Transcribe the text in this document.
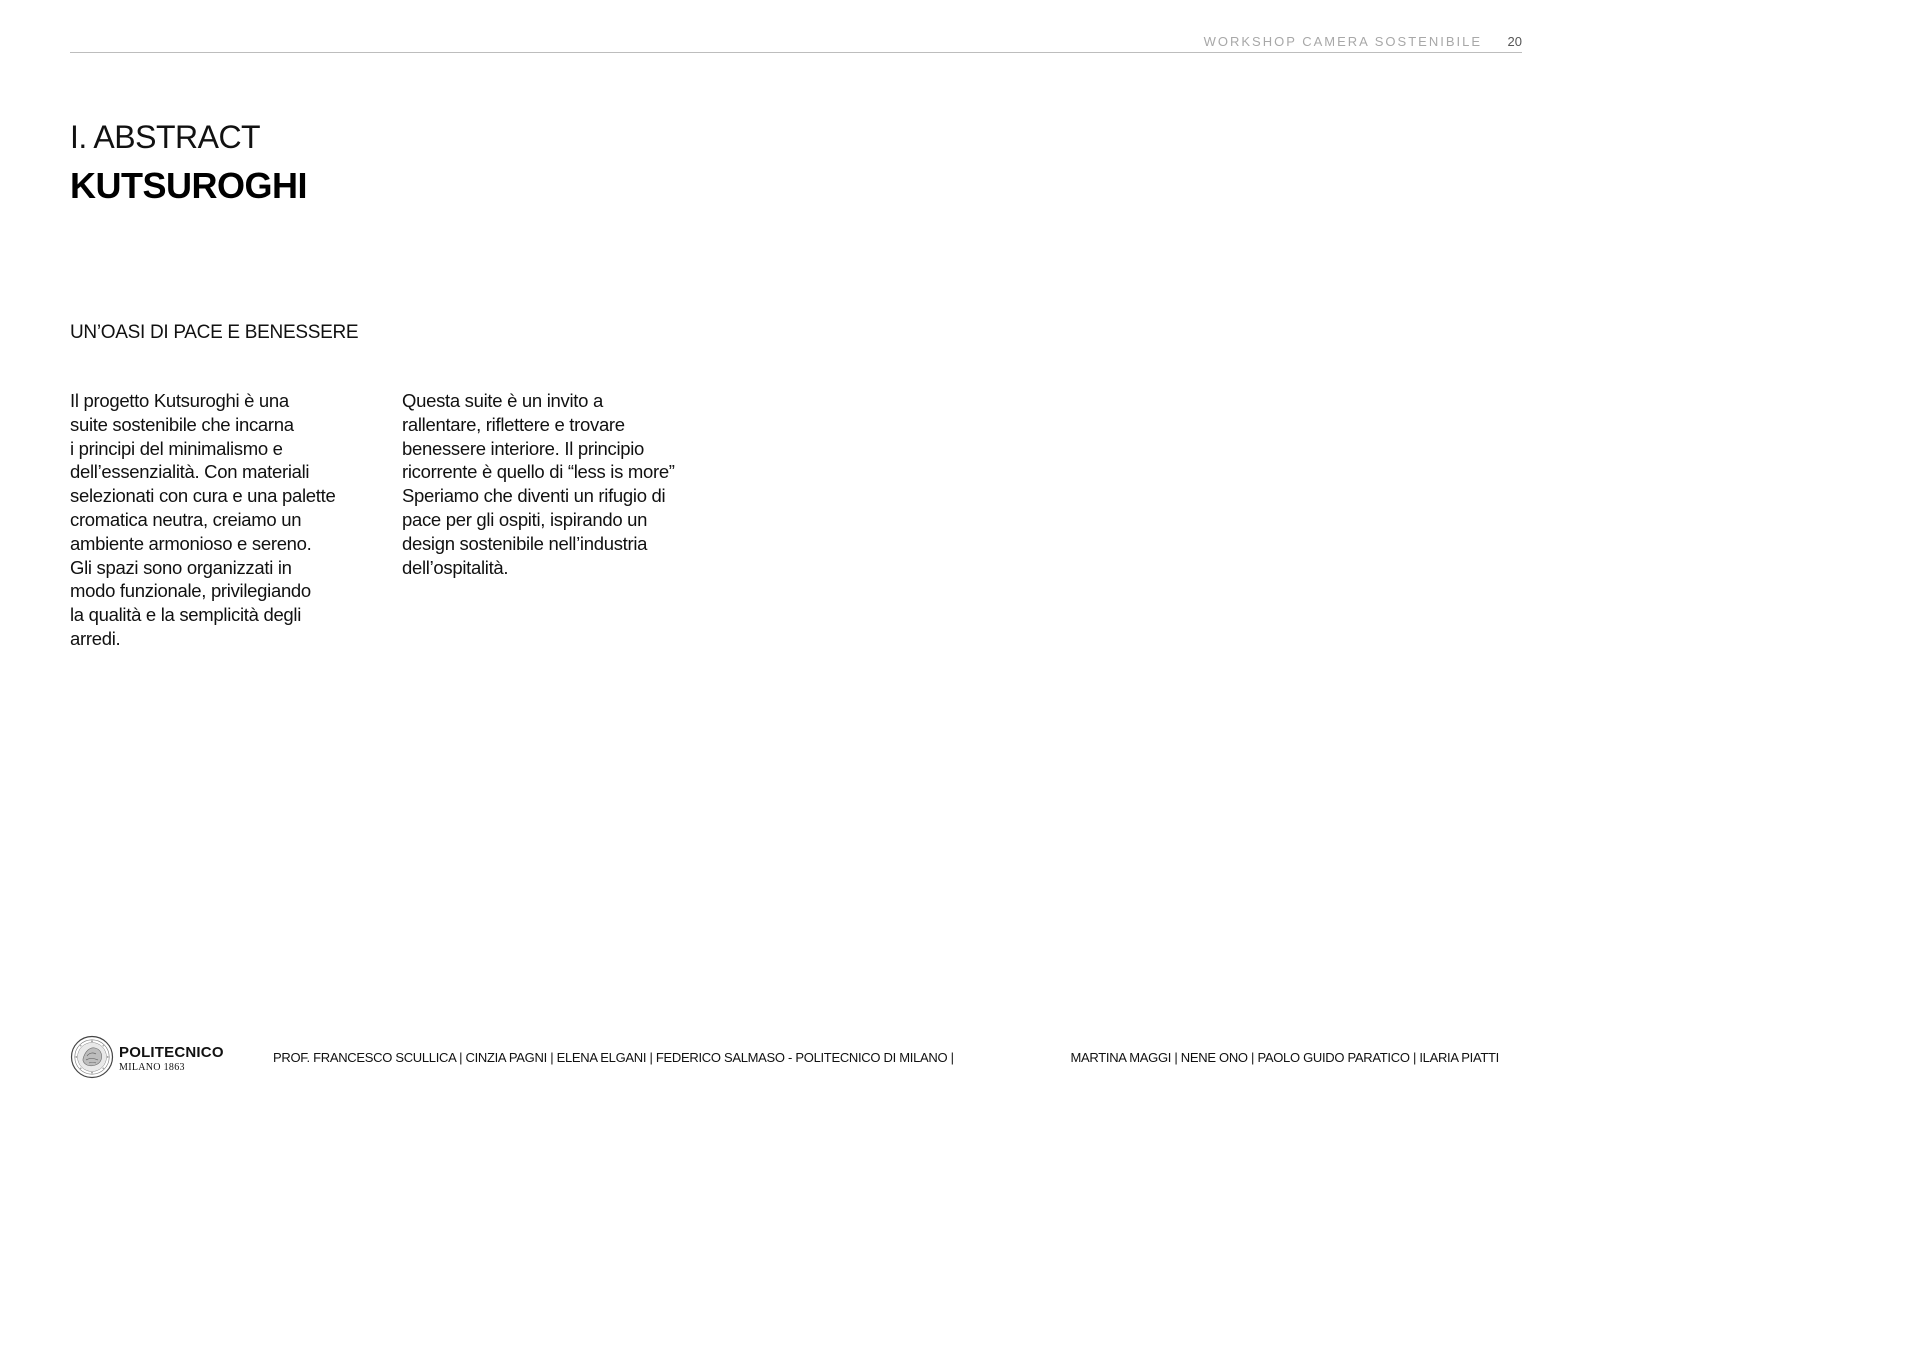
WORKSHOP CAMERA SOSTENIBILE	20
I. ABSTRACT
KUTSUROGHI
UN’OASI DI PACE E BENESSERE

Il progetto Kutsuroghi è una

suite sostenibile che incarna

i principi del minimalismo e

dell’essenzialità. Con materiali

selezionati con cura e una palette

cromatica neutra, creiamo un

ambiente armonioso e sereno.

Gli spazi sono organizzati in

modo funzionale, privilegiando

la qualità e la semplicità degli

arredi.

Questa suite è un invito a

rallentare, riflettere e trovare

benessere interiore. Il principio

ricorrente è quello di “less is more”

Speriamo che diventi un rifugio di

pace per gli ospiti, ispirando un

design sostenibile nell’industria

dell’ospitalità.

POLITECNICO
MILANO 1863
PROF. FRANCESCO SCULLICA | CINZIA PAGNI | ELENA ELGANI | FEDERICO SALMASO - POLITECNICO DI MILANO |	MARTINA MAGGI | NENE ONO | PAOLO GUIDO PARATICO | ILARIA PIATTI
